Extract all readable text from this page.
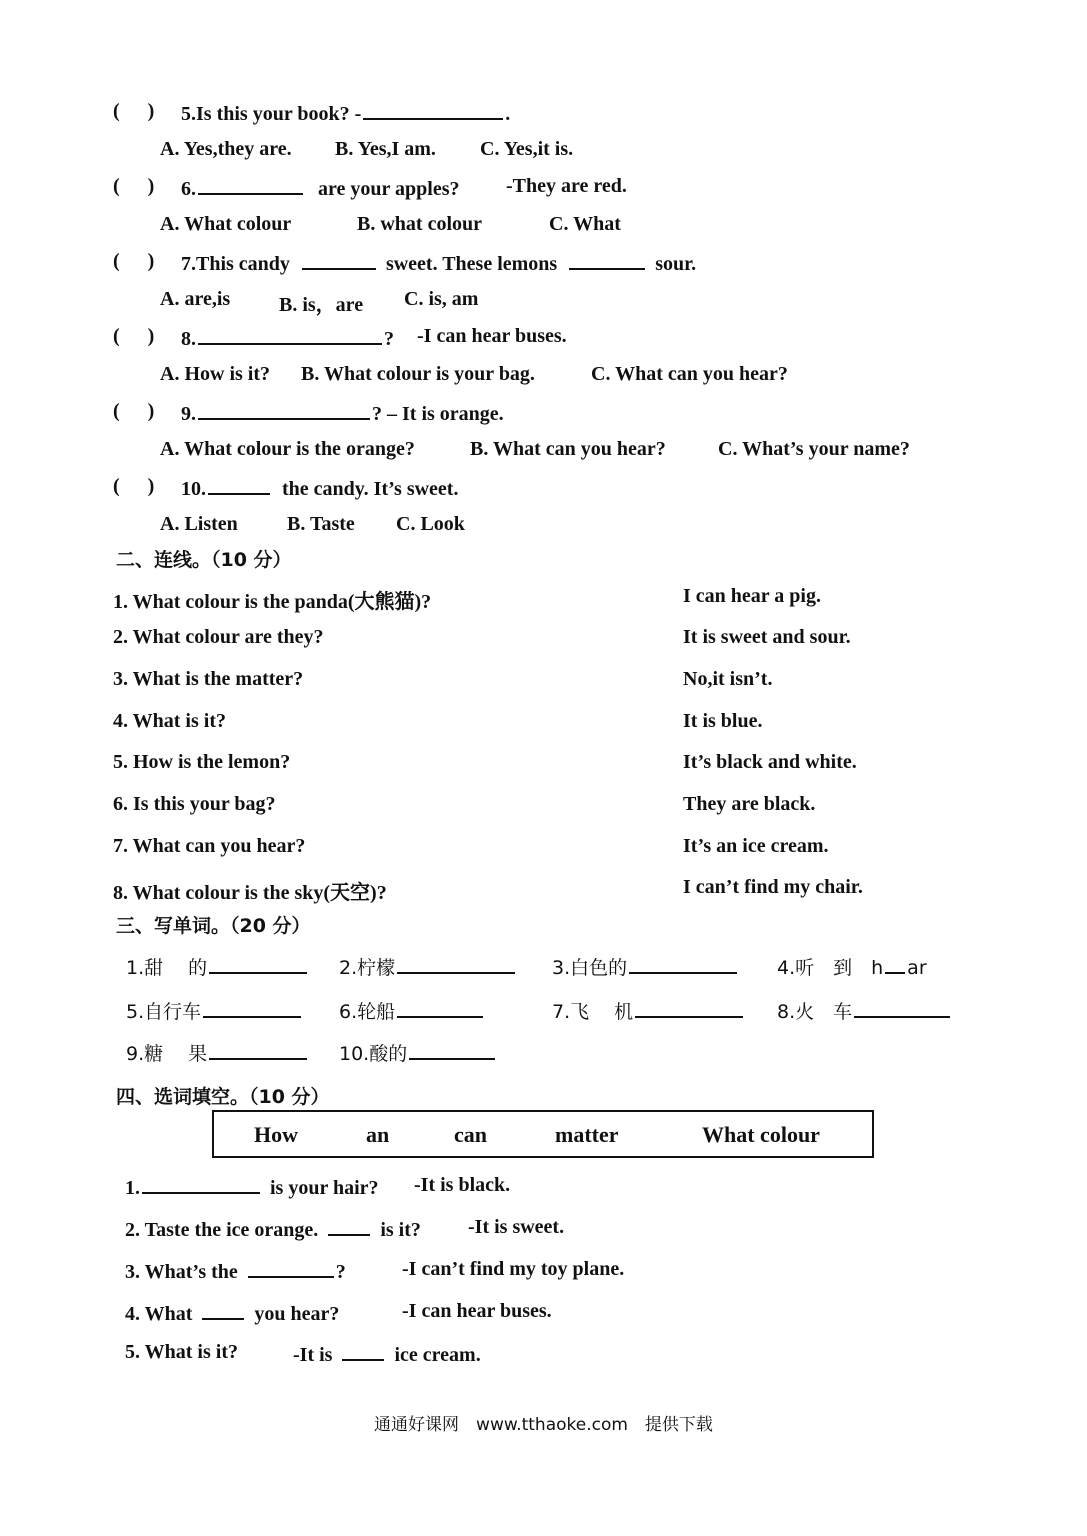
( ) 5.Is this your book? -	.
A. Yes,they are. B. Yes,I am. C. Yes,it is.
( ) 6.	are your apples? -They are red.
A. What colour	B. what colour	C. What
( ) 7.This candy	sweet. These lemons	sour.
A. are,is B. is，are C. is, am
( ) 8.	? -I can hear buses.
A. How is it? B. What colour is your bag.	C. What can you hear?
( ) 9.	? – It is orange.
A. What colour is the orange?	B. What can you hear?	C. What’s your name?
( ) 10.	the candy. It’s sweet.
A. Listen B. Taste C. Look
二、连线。（10 分）
1. What colour is the panda(大熊猫)?
2. What colour are they?
3. What is the matter?
4. What is it?
5. How is the lemon?
6. Is this your bag?
7. What can you hear?
8. What colour is the sky(天空)?
I can hear a pig.
It is sweet and sour.
No,it isn’t.
It is blue.
It’s black and white.
They are black.
It’s an ice cream.
I can’t find my chair.
三、写单词。（20 分）
1.甜　 的	2.柠檬	3.白色的	4.听　到　h ar
5.自行车	6.轮船	7.飞　 机	8.火　车
9.糖　 果	10.酸的
四、选词填空。（10 分）
How	an	can	matter	What colour
1.	is your hair? -It is black.
2. Taste the ice orange.	is it? -It is sweet.
3. What’s the	?	-I can’t find my toy plane.
4. What	you hear?	-I can hear buses.
5. What is it?	-It is	ice cream.
通通好课网　www.tthaoke.com　提供下载
